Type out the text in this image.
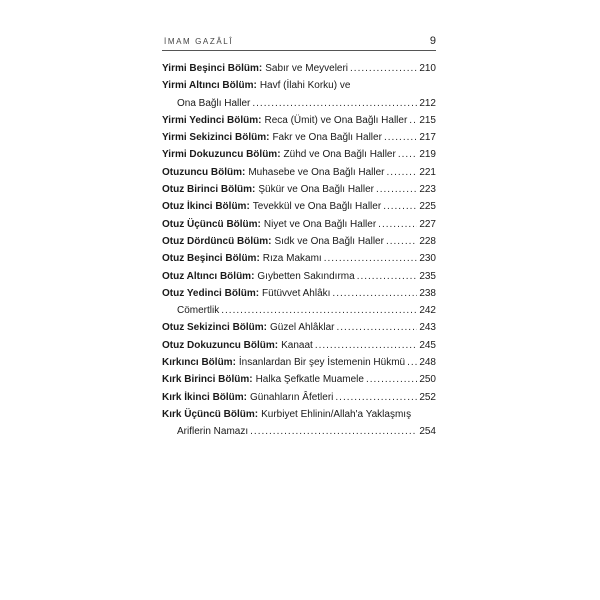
İMAM GAZÂLÎ	9
Yirmi Beşinci Bölüm: Sabır ve Meyveleri .....	210
Yirmi Altıncı Bölüm: Havf (İlahi Korku) ve
Ona Bağlı Haller .....	212
Yirmi Yedinci Bölüm: Reca (Ümit) ve Ona Bağlı Haller ..... 215
Yirmi Sekizinci Bölüm: Fakr ve Ona Bağlı Haller .....	217
Yirmi Dokuzuncu Bölüm: Zühd ve Ona Bağlı Haller ..... 219
Otuzuncu Bölüm: Muhasebe ve Ona Bağlı Haller .....	221
Otuz Birinci Bölüm: Şükür ve Ona Bağlı Haller .....	223
Otuz İkinci Bölüm: Tevekkül ve Ona Bağlı Haller .....	225
Otuz Üçüncü Bölüm: Niyet ve Ona Bağlı Haller .....	227
Otuz Dördüncü Bölüm: Sıdk ve Ona Bağlı Haller .....	228
Otuz Beşinci Bölüm: Rıza Makamı .....	230
Otuz Altıncı Bölüm: Gıybetten Sakındırma .....	235
Otuz Yedinci Bölüm: Fütüvvet Ahlâkı .....	238
Cömertlik .....	242
Otuz Sekizinci Bölüm: Güzel Ahlâklar .....	243
Otuz Dokuzuncu Bölüm: Kanaat .....	245
Kırkıncı Bölüm: İnsanlardan Bir şey İstemenin Hükmü ..... 248
Kırk Birinci Bölüm: Halka Şefkatle Muamele .....	250
Kırk İkinci Bölüm: Günahların Âfetleri .....	252
Kırk Üçüncü Bölüm: Kurbiyet Ehlinin/Allah'a Yaklaşmış
Ariflerin Namazı .....	254
